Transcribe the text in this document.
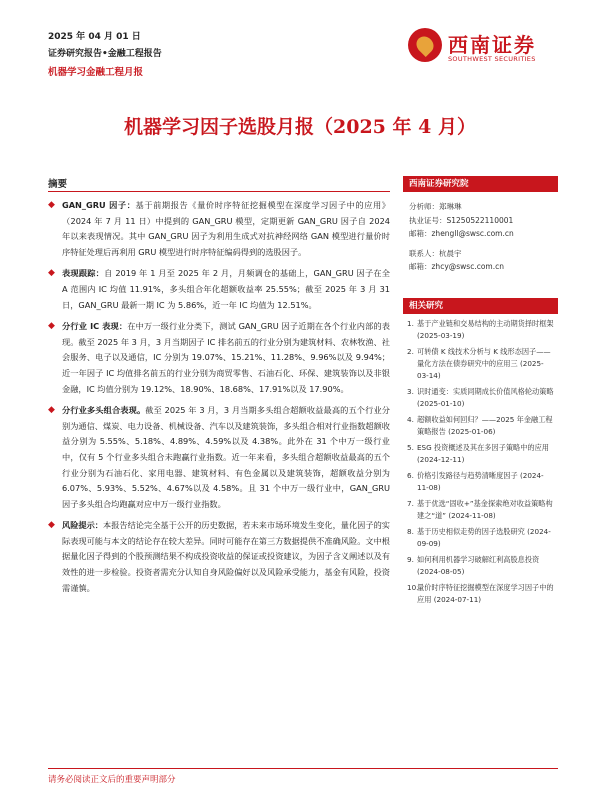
2025 年 04 月 01 日
证券研究报告•金融工程报告
机器学习金融工程月报
西南证券
SOUTHWEST SECURITIES
机器学习因子选股月报（2025 年 4 月）
摘要
◆ GAN_GRU 因子：基于前期报告《量价时序特征挖掘模型在深度学习因子中的应用》（2024 年 7 月 11 日）中提到的 GAN_GRU 模型，定期更新 GAN_GRU 因子自 2024 年以来表现情况。其中 GAN_GRU 因子为利用生成式对抗神经网络 GAN 模型进行量价时序特征处理后再利用 GRU 模型进行时序特征编码得到的选股因子。
◆ 表现跟踪：自 2019 年 1 月至 2025 年 2 月，月频调仓的基础上，GAN_GRU 因子在全 A 范围内 IC 均值 11.91%，多头组合年化超额收益率 25.55%；截至 2025 年 3 月 31 日，GAN_GRU 最新一期 IC 为 5.86%，近一年 IC 均值为 12.51%。
◆ 分行业 IC 表现：在中万一级行业分类下，测试 GAN_GRU 因子近期在各个行业内部的表现。截至 2025 年 3 月，3 月当期因子 IC 排名前五的行业分别为建筑材料、农林牧渔、社会服务、电子以及通信，IC 分别为 19.07%、15.21%、11.28%、9.96%以及 9.94%；近一年因子 IC 均值排名前五的行业分别为商贸零售、石油石化、环保、建筑装饰以及非银金融，IC 均值分别为 19.12%、18.90%、18.68%、17.91%以及 17.90%。
◆ 分行业多头组合表现。截至 2025 年 3 月，3 月当期多头组合超额收益最高的五个行业分别为通信、煤炭、电力设备、机械设备、汽车以及建筑装饰，多头组合相对行业指数超额收益分别为 5.55%、5.18%、4.89%、4.59%以及 4.38%。此外在 31 个中万一级行业中，仅有 5 个行业多头组合未跑赢行业指数。近一年来看，多头组合超额收益最高的五个行业分别为石油石化、家用电器、建筑材料、有色金属以及建筑装饰，超额收益分别为 6.07%、5.93%、5.52%、4.67%以及 4.58%。且 31 个中万一级行业中，GAN_GRU 因子多头组合均跑赢对应中万一级行业指数。
◆ 风险提示：本报告结论完全基于公开的历史数据，若未来市场环境发生变化，量化因子的实际表现可能与本文的结论存在较大差异。同时可能存在第三方数据提供不准确风险。文中根据量化因子得到的个股预测结果不构成投资收益的保证或投资建议，为因子含义阐述以及有效性的进一步检验。投资者需充分认知自身风险偏好以及风险承受能力，基金有风险，投资需谨慎。
西南证券研究院
分析师：郑琳琳
执业证号：S1250522110001
邮箱：zhengll@swsc.com.cn
联系人：杭晨宇
邮箱：zhcy@swsc.com.cn
相关研究
1. 基于产业链和交易结构的主动期货择时框架 (2025-03-19)
2. 可转债 K 线技术分析与 K 线形态因子——量化方法在债券研究中的应用三 (2025-03-14)
3. 识时通变：实质同期成长价值风格轮动策略 (2025-01-10)
4. 超额收益如何回归？——2025 年金融工程策略报告 (2025-01-06)
5. ESG 投资概述及其在多因子策略中的应用 (2024-12-11)
6. 价格引发路径与趋势清晰度因子 (2024-11-08)
7. 基于优选“固收+”基金探索绝对收益策略构建之“道” (2024-11-08)
8. 基于历史相似走势的因子选股研究 (2024-09-09)
9. 如何利用机器学习破解红利高股息投资 (2024-08-05)
10.
量价时序特征挖掘模型在深度学习因子中的应用 (2024-07-11)
请务必阅读正文后的重要声明部分
